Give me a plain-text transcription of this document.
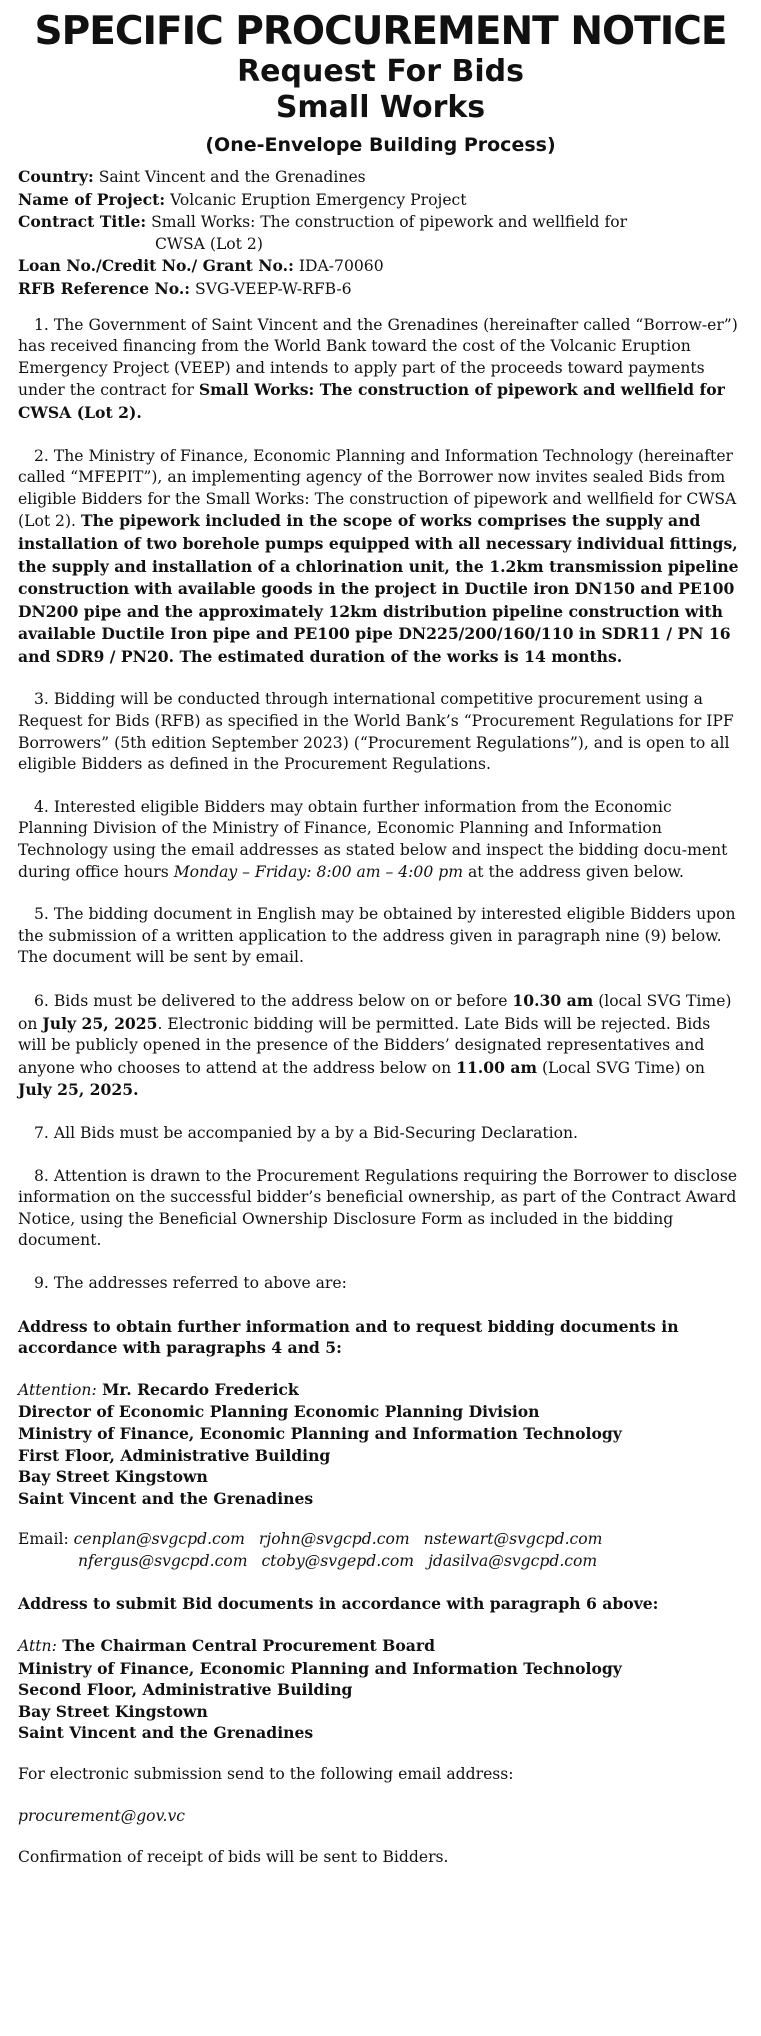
SPECIFIC PROCUREMENT NOTICE
Request For Bids
Small Works
(One-Envelope Building Process)
Country: Saint Vincent and the Grenadines
Name of Project: Volcanic Eruption Emergency Project
Contract Title: Small Works: The construction of pipework and wellfield for
CWSA (Lot 2)
Loan No./Credit No./ Grant No.: IDA-70060
RFB Reference No.: SVG-VEEP-W-RFB-6

1. The Government of Saint Vincent and the Grenadines (hereinafter called “Borrow-er”) has received financing from the World Bank toward the cost of the Volcanic Eruption Emergency Project (VEEP) and intends to apply part of the proceeds toward payments under the contract for Small Works: The construction of pipework and wellfield for CWSA (Lot 2).

2. The Ministry of Finance, Economic Planning and Information Technology (hereinafter called “MFEPIT”), an implementing agency of the Borrower now invites sealed Bids from eligible Bidders for the Small Works: The construction of pipework and wellfield for CWSA (Lot 2). The pipework included in the scope of works comprises the supply and installation of two borehole pumps equipped with all necessary individual fittings, the supply and installation of a chlorination unit, the 1.2km transmission pipeline construction with available goods in the project in Ductile iron DN150 and PE100 DN200 pipe and the approximately 12km distribution pipeline construction with available Ductile Iron pipe and PE100 pipe DN225/200/160/110 in SDR11 / PN 16 and SDR9 / PN20. The estimated duration of the works is 14 months.

3. Bidding will be conducted through international competitive procurement using a Request for Bids (RFB) as specified in the World Bank’s “Procurement Regulations for IPF Borrowers” (5th edition September 2023) (“Procurement Regulations”), and is open to all eligible Bidders as defined in the Procurement Regulations.

4. Interested eligible Bidders may obtain further information from the Economic Planning Division of the Ministry of Finance, Economic Planning and Information Technology using the email addresses as stated below and inspect the bidding docu-ment during office hours Monday – Friday: 8:00 am – 4:00 pm at the address given below.

5. The bidding document in English may be obtained by interested eligible Bidders upon the submission of a written application to the address given in paragraph nine (9) below. The document will be sent by email.

6. Bids must be delivered to the address below on or before 10.30 am (local SVG Time) on July 25, 2025. Electronic bidding will be permitted. Late Bids will be rejected. Bids will be publicly opened in the presence of the Bidders’ designated representatives and anyone who chooses to attend at the address below on 11.00 am (Local SVG Time) on July 25, 2025.

7. All Bids must be accompanied by a by a Bid-Securing Declaration.

8. Attention is drawn to the Procurement Regulations requiring the Borrower to disclose information on the successful bidder’s beneficial ownership, as part of the Contract Award Notice, using the Beneficial Ownership Disclosure Form as included in the bidding document.

9. The addresses referred to above are:

Address to obtain further information and to request bidding documents in accordance with paragraphs 4 and 5:

Attention: Mr. Recardo Frederick
Director of Economic Planning Economic Planning Division
Ministry of Finance, Economic Planning and Information Technology
First Floor, Administrative Building
Bay Street Kingstown
Saint Vincent and the Grenadines
Email: cenplan@svgcpd.com rjohn@svgcpd.com nstewart@svgcpd.com
nfergus@svgcpd.com ctoby@svgepd.com jdasilva@svgcpd.com

Address to submit Bid documents in accordance with paragraph 6 above:

Attn: The Chairman Central Procurement Board
Ministry of Finance, Economic Planning and Information Technology
Second Floor, Administrative Building
Bay Street Kingstown
Saint Vincent and the Grenadines

For electronic submission send to the following email address:

procurement@gov.vc

Confirmation of receipt of bids will be sent to Bidders.
